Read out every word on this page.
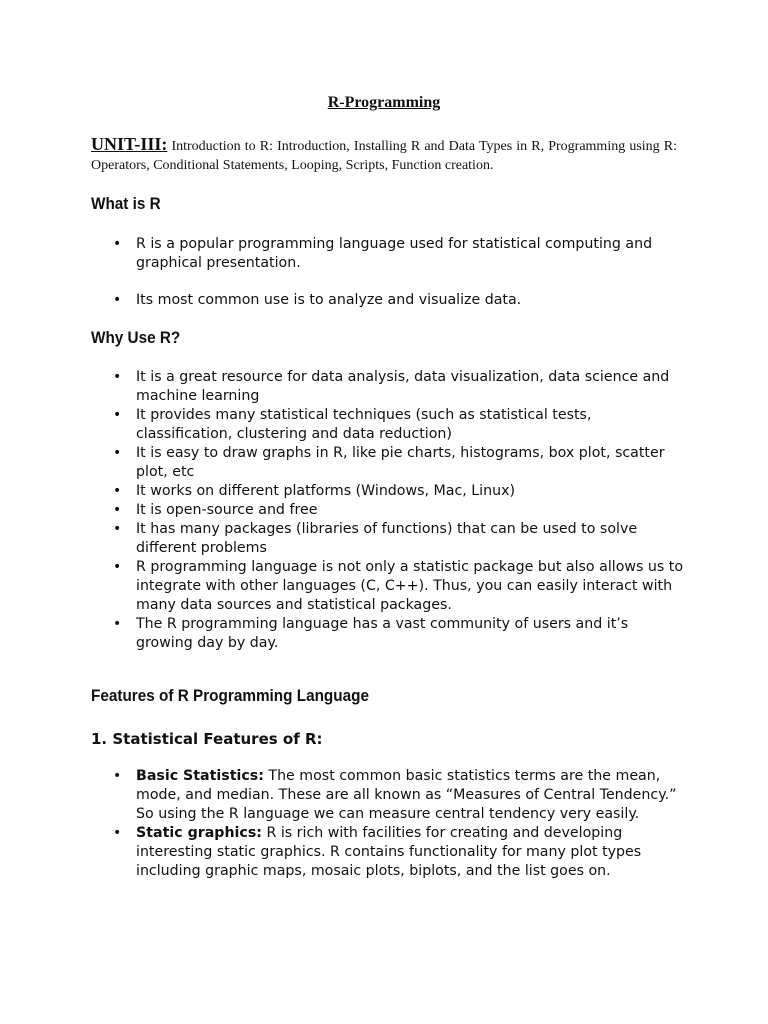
R-Programming

UNIT-III: Introduction to R: Introduction, Installing R and Data Types in R, Programming using R: Operators, Conditional Statements, Looping, Scripts, Function creation.

What is R
• R is a popular programming language used for statistical computing and graphical presentation.
• Its most common use is to analyze and visualize data.
Why Use R?
• It is a great resource for data analysis, data visualization, data science and machine learning
• It provides many statistical techniques (such as statistical tests, classification, clustering and data reduction)
• It is easy to draw graphs in R, like pie charts, histograms, box plot, scatter plot, etc
• It works on different platforms (Windows, Mac, Linux)
• It is open-source and free
• It has many packages (libraries of functions) that can be used to solve different problems
• R programming language is not only a statistic package but also allows us to integrate with other languages (C, C++). Thus, you can easily interact with many data sources and statistical packages.
• The R programming language has a vast community of users and it’s growing day by day.
Features of R Programming Language
1. Statistical Features of R:
• Basic Statistics: The most common basic statistics terms are the mean, mode, and median. These are all known as “Measures of Central Tendency.” So using the R language we can measure central tendency very easily.
• Static graphics: R is rich with facilities for creating and developing interesting static graphics. R contains functionality for many plot types including graphic maps, mosaic plots, biplots, and the list goes on.
